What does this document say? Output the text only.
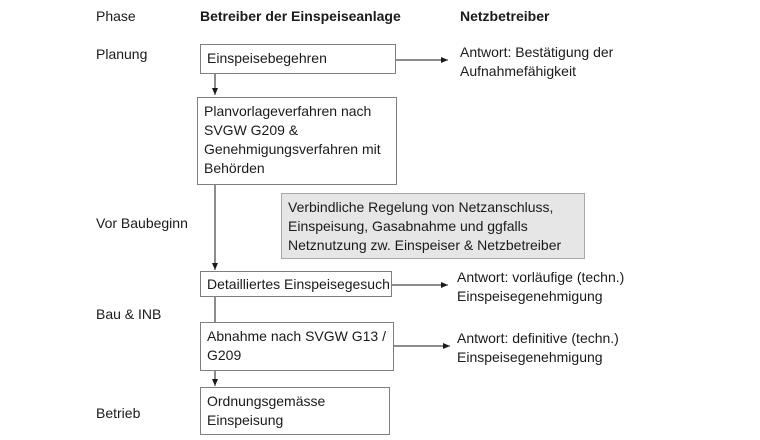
Phase	Betreiber der Einspeiseanlage	Netzbetreiber
Planung
Vor Baubeginn
Bau & INB
Betrieb
Einspeisebegehren
Planvorlageverfahren nach
SVGW G209 &
Genehmigungsverfahren mit
Behörden
Verbindliche Regelung von Netzanschluss,
Einspeisung, Gasabnahme und ggfalls
Netznutzung zw. Einspeiser & Netzbetreiber
Detailliertes Einspeisegesuch
Abnahme nach SVGW G13 /
G209
Ordnungsgemässe
Einspeisung
Antwort: Bestätigung der
Aufnahmefähigkeit
Antwort: vorläufige (techn.)
Einspeisegenehmigung
Antwort: definitive (techn.)
Einspeisegenehmigung
